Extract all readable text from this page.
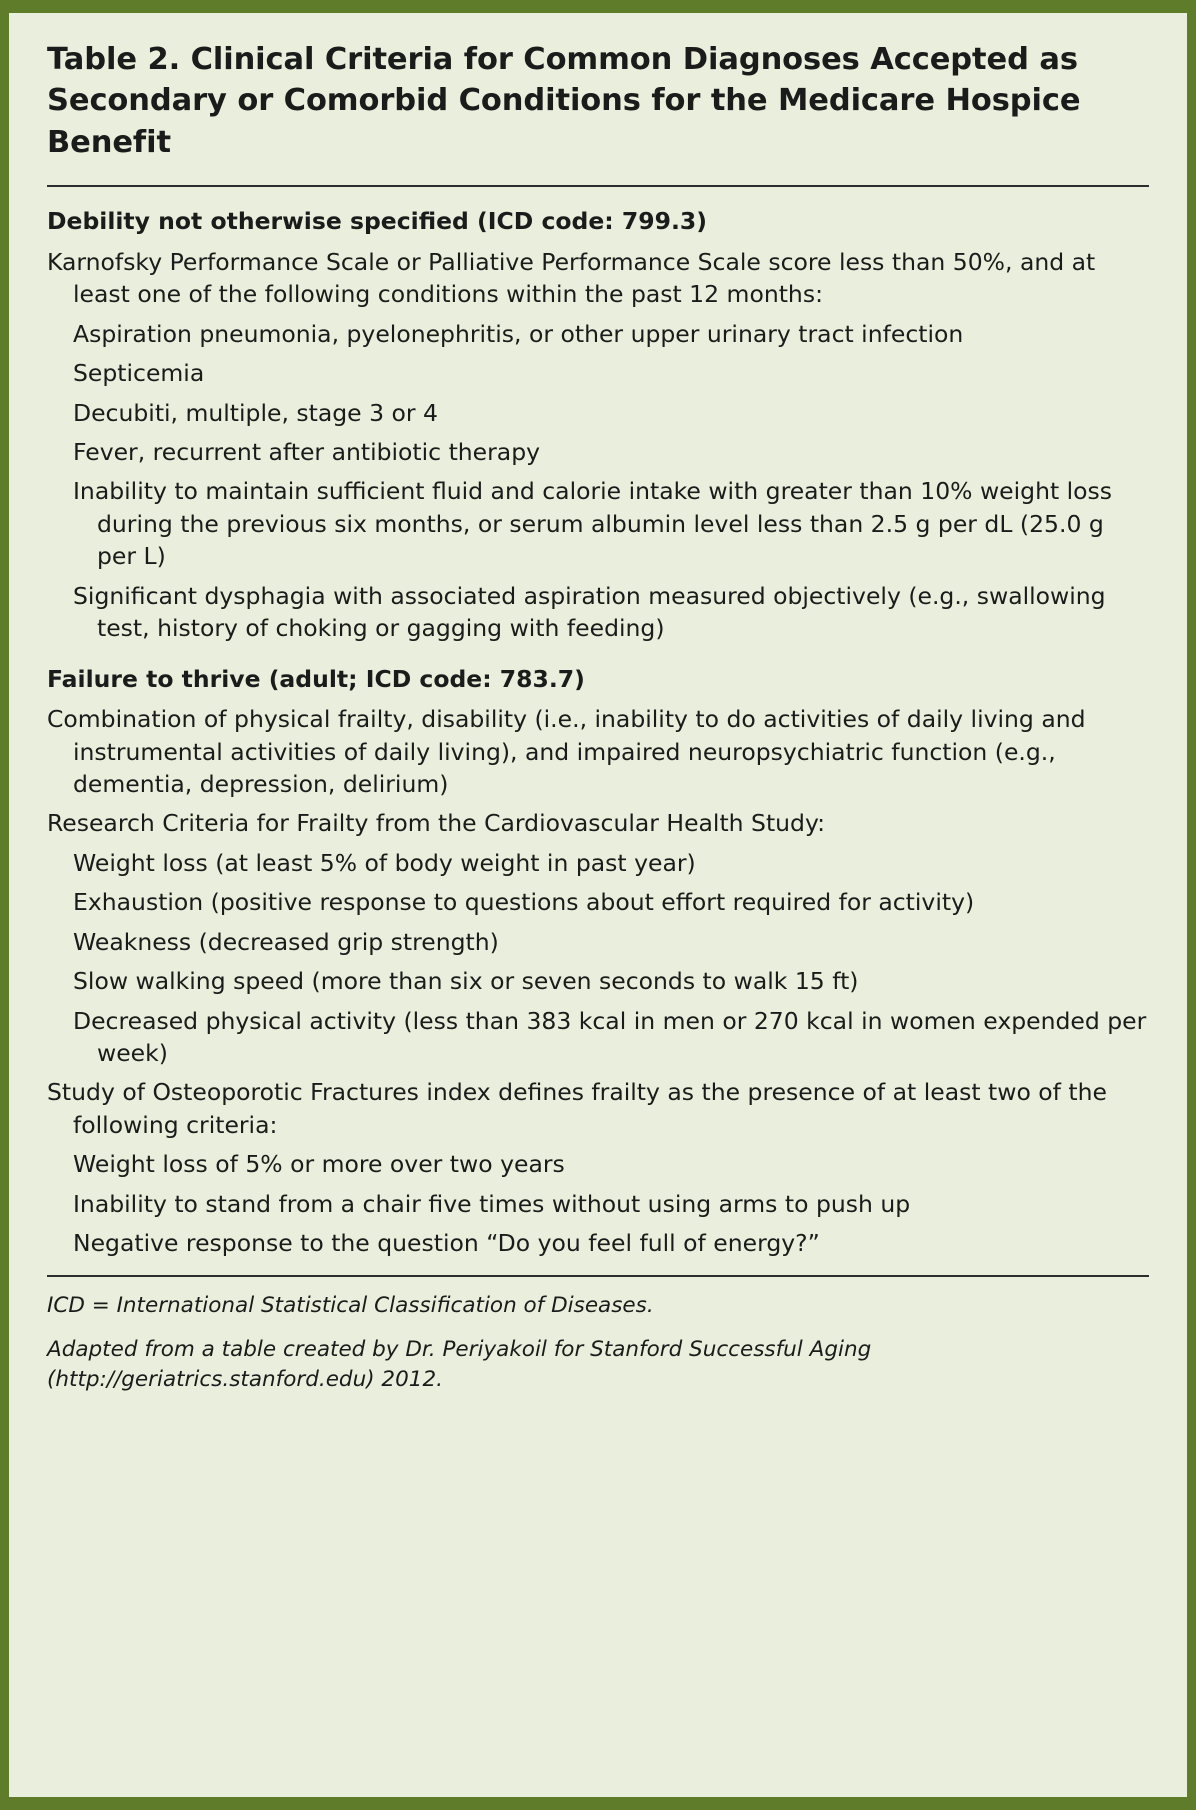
Table 2. Clinical Criteria for Common Diagnoses Accepted as Secondary or Comorbid Conditions for the Medicare Hospice Benefit
Debility not otherwise specified (ICD code: 799.3)

Karnofsky Performance Scale or Palliative Performance Scale score less than 50%, and at least one of the following conditions within the past 12 months:

Aspiration pneumonia, pyelonephritis, or other upper urinary tract infection

Septicemia

Decubiti, multiple, stage 3 or 4

Fever, recurrent after antibiotic therapy

Inability to maintain sufficient fluid and calorie intake with greater than 10% weight loss during the previous six months, or serum albumin level less than 2.5 g per dL (25.0 g per L)

Significant dysphagia with associated aspiration measured objectively (e.g., swallowing test, history of choking or gagging with feeding)

Failure to thrive (adult; ICD code: 783.7)

Combination of physical frailty, disability (i.e., inability to do activities of daily living and instrumental activities of daily living), and impaired neuropsychiatric function (e.g., dementia, depression, delirium)

Research Criteria for Frailty from the Cardiovascular Health Study:

Weight loss (at least 5% of body weight in past year)

Exhaustion (positive response to questions about effort required for activity)

Weakness (decreased grip strength)

Slow walking speed (more than six or seven seconds to walk 15 ft)

Decreased physical activity (less than 383 kcal in men or 270 kcal in women expended per week)

Study of Osteoporotic Fractures index defines frailty as the presence of at least two of the following criteria:

Weight loss of 5% or more over two years

Inability to stand from a chair five times without using arms to push up

Negative response to the question “Do you feel full of energy?”

ICD = International Statistical Classification of Diseases.

Adapted from a table created by Dr. Periyakoil for Stanford Successful Aging (http://geriatrics.stanford.edu) 2012.
